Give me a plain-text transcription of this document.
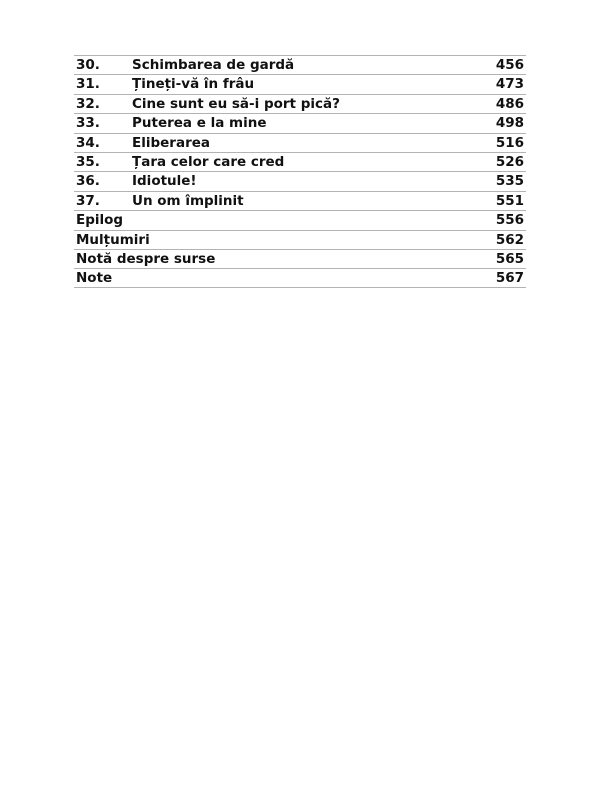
30. Schimbarea de gardă	456
31. Țineți-vă în frâu	473
32. Cine sunt eu să-i port pică?	486
33. Puterea e la mine	498
34. Eliberarea	516
35. Țara celor care cred	526
36. Idiotule!	535
37. Un om împlinit	551
Epilog	556
Mulțumiri	562
Notă despre surse	565
Note	567
